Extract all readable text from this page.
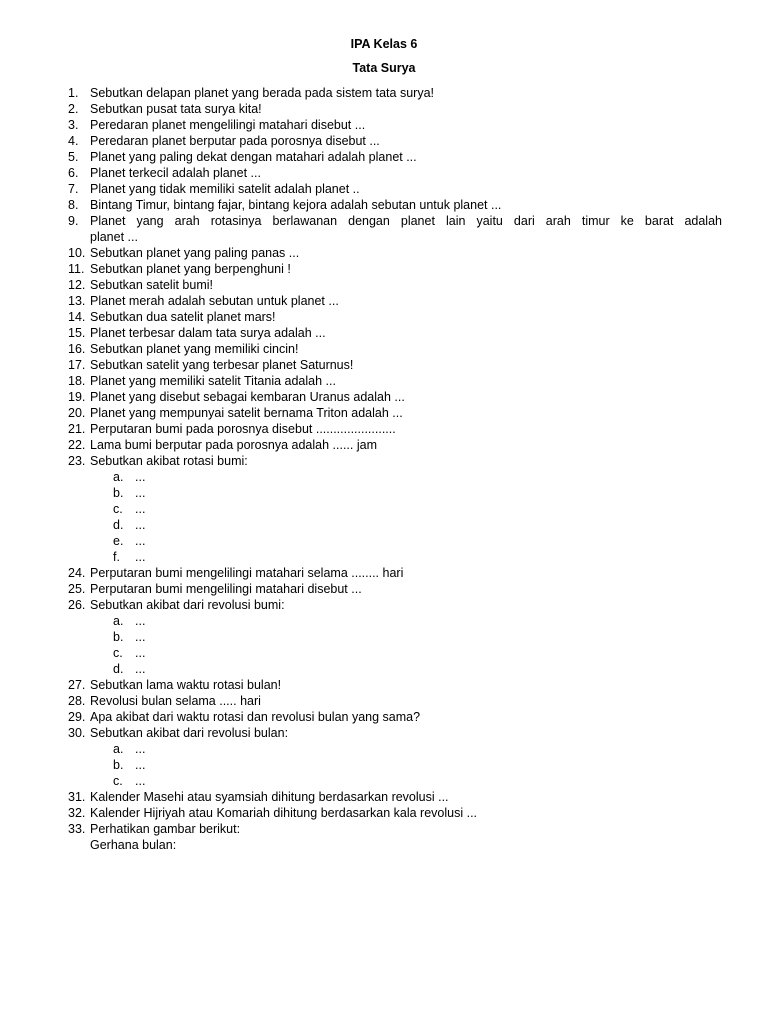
IPA Kelas 6
Tata Surya
1. Sebutkan delapan planet yang berada pada sistem tata surya!
2. Sebutkan pusat tata surya kita!
3. Peredaran planet mengelilingi matahari disebut ...
4. Peredaran planet berputar pada porosnya disebut ...
5. Planet yang paling dekat dengan matahari adalah planet ...
6. Planet terkecil adalah planet ...
7. Planet yang tidak memiliki satelit adalah planet ..
8. Bintang Timur, bintang fajar, bintang kejora adalah sebutan untuk planet ...
9. Planet yang arah rotasinya berlawanan dengan planet lain yaitu dari arah timur ke barat adalah
planet ...
10. Sebutkan planet yang paling panas ...
11. Sebutkan planet yang berpenghuni !
12. Sebutkan satelit bumi!
13. Planet merah adalah sebutan untuk planet ...
14. Sebutkan dua satelit planet mars!
15. Planet terbesar dalam tata surya adalah ...
16. Sebutkan planet yang memiliki cincin!
17. Sebutkan satelit yang terbesar planet Saturnus!
18. Planet yang memiliki satelit Titania adalah ...
19. Planet yang disebut sebagai kembaran Uranus adalah ...
20. Planet yang mempunyai satelit bernama Triton adalah ...
21. Perputaran bumi pada porosnya disebut .......................
22. Lama bumi berputar pada porosnya adalah ...... jam
23. Sebutkan akibat rotasi bumi:
a. ...
b. ...
c. ...
d. ...
e. ...
f.	...
24. Perputaran bumi mengelilingi matahari selama ........ hari
25. Perputaran bumi mengelilingi matahari disebut ...
26. Sebutkan akibat dari revolusi bumi:
a. ...
b. ...
c. ...
d. ...
27. Sebutkan lama waktu rotasi bulan!
28. Revolusi bulan selama ..... hari
29. Apa akibat dari waktu rotasi dan revolusi bulan yang sama?
30. Sebutkan akibat dari revolusi bulan:
a. ...
b. ...
c. ...
31. Kalender Masehi atau syamsiah dihitung berdasarkan revolusi ...
32. Kalender Hijriyah atau Komariah dihitung berdasarkan kala revolusi ...
33. Perhatikan gambar berikut:
Gerhana bulan:
